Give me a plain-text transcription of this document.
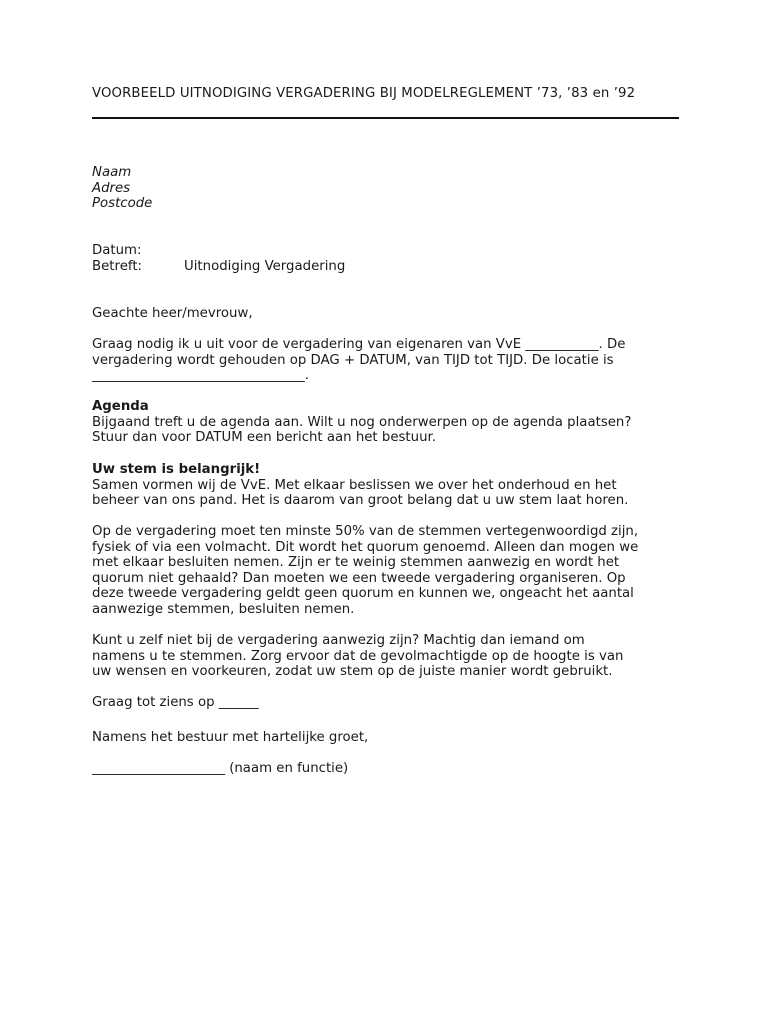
VOORBEELD UITNODIGING VERGADERING BIJ MODELREGLEMENT ’73, ’83 en ’92
Naam
Adres
Postcode
Datum:
Betreft:	Uitnodiging Vergadering
Geachte heer/mevrouw,
Graag nodig ik u uit voor de vergadering van eigenaren van VvE ___________. De
vergadering wordt gehouden op DAG + DATUM, van TIJD tot TIJD. De locatie is
________________________________.
Agenda
Bijgaand treft u de agenda aan. Wilt u nog onderwerpen op de agenda plaatsen?
Stuur dan voor DATUM een bericht aan het bestuur.
Uw stem is belangrijk!
Samen vormen wij de VvE. Met elkaar beslissen we over het onderhoud en het
beheer van ons pand. Het is daarom van groot belang dat u uw stem laat horen.
Op de vergadering moet ten minste 50% van de stemmen vertegenwoordigd zijn,
fysiek of via een volmacht. Dit wordt het quorum genoemd. Alleen dan mogen we
met elkaar besluiten nemen. Zijn er te weinig stemmen aanwezig en wordt het
quorum niet gehaald? Dan moeten we een tweede vergadering organiseren. Op
deze tweede vergadering geldt geen quorum en kunnen we, ongeacht het aantal
aanwezige stemmen, besluiten nemen.
Kunt u zelf niet bij de vergadering aanwezig zijn? Machtig dan iemand om
namens u te stemmen. Zorg ervoor dat de gevolmachtigde op de hoogte is van
uw wensen en voorkeuren, zodat uw stem op de juiste manier wordt gebruikt.
Graag tot ziens op ______
Namens het bestuur met hartelijke groet,
____________________ (naam en functie)
